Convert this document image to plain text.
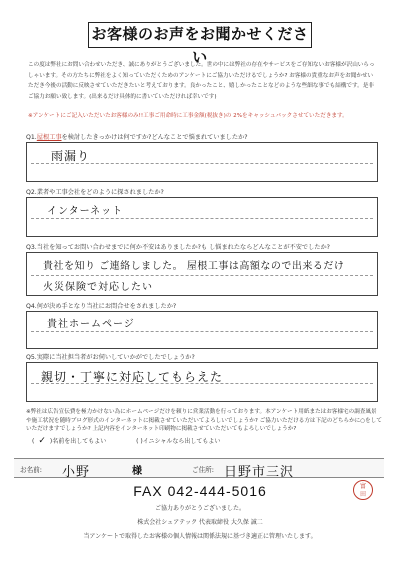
お客様のお声をお聞かせください
この度は弊社にお問い合わせいただき、誠にありがとうございました。世の中には弊社の存在やサービスをご存知ないお客様が沢山いらっしゃいます。その方たちに弊社をよく知っていただくためのアンケートにご協力いただけるでしょうか? お客様の貴重なお声をお聞かせいただき今後の活動に反映させていただきたいと考えております。良かったこと、嬉しかったことなどのような些細な事でも結構です。是非ご協力お願い致します。(出来るだけ具体的に書いていただければ幸いです)
※アンケートにご記入いただいたお客様のみ!!工事ご用命時に工事金額(税抜き)の 2%をキャッシュバックさせていただきます。
Q1.屋根工事を検討したきっかけは何ですか?どんなことで悩まれていましたか?
雨漏り
Q2.業者や工事会社をどのように探されましたか?
インターネット
Q3.当社を知ってお問い合わせまでに何か不安はありましたか?も し悩まれたならどんなことが不安でしたか?
貴社を知り ご連絡しました。 屋根工事は高額なので出来るだけ
火災保険で対応したい
Q4.何が決め手となり当社にお問合せをされましたか?
貴社ホームページ
Q5.実際に当社担当者がお伺いしていかがでしたでしょうか?
親切・丁寧に対応してもらえた
※弊社は広告宣伝費を極力かけない為にホームページだけを頼りに営業活動を行っております。本アンケート用紙またはお客様宅の調査風景や施工状況を随時ブログ形式のインターネットに掲載させていただいてよろしいでしょうか? ご協力いただける方は下記のどちらかに○をしていただけますでしょうか? 上記内容をインターネット印刷物に掲載させていただいてもよろしいでしょうか?
( ✓ )名前を出してもよい	( )イニシャルなら出してもよい
お名前: 小野	様	ご住所: 日野市三沢
FAX 042-444-5016	富
田
ご協力ありがとうございました。
株式会社シェアテック 代表取締役 大久保 誠二
当アンケートで取得したお客様の個人情報は関係法規に基づき適正に管理いたします。
